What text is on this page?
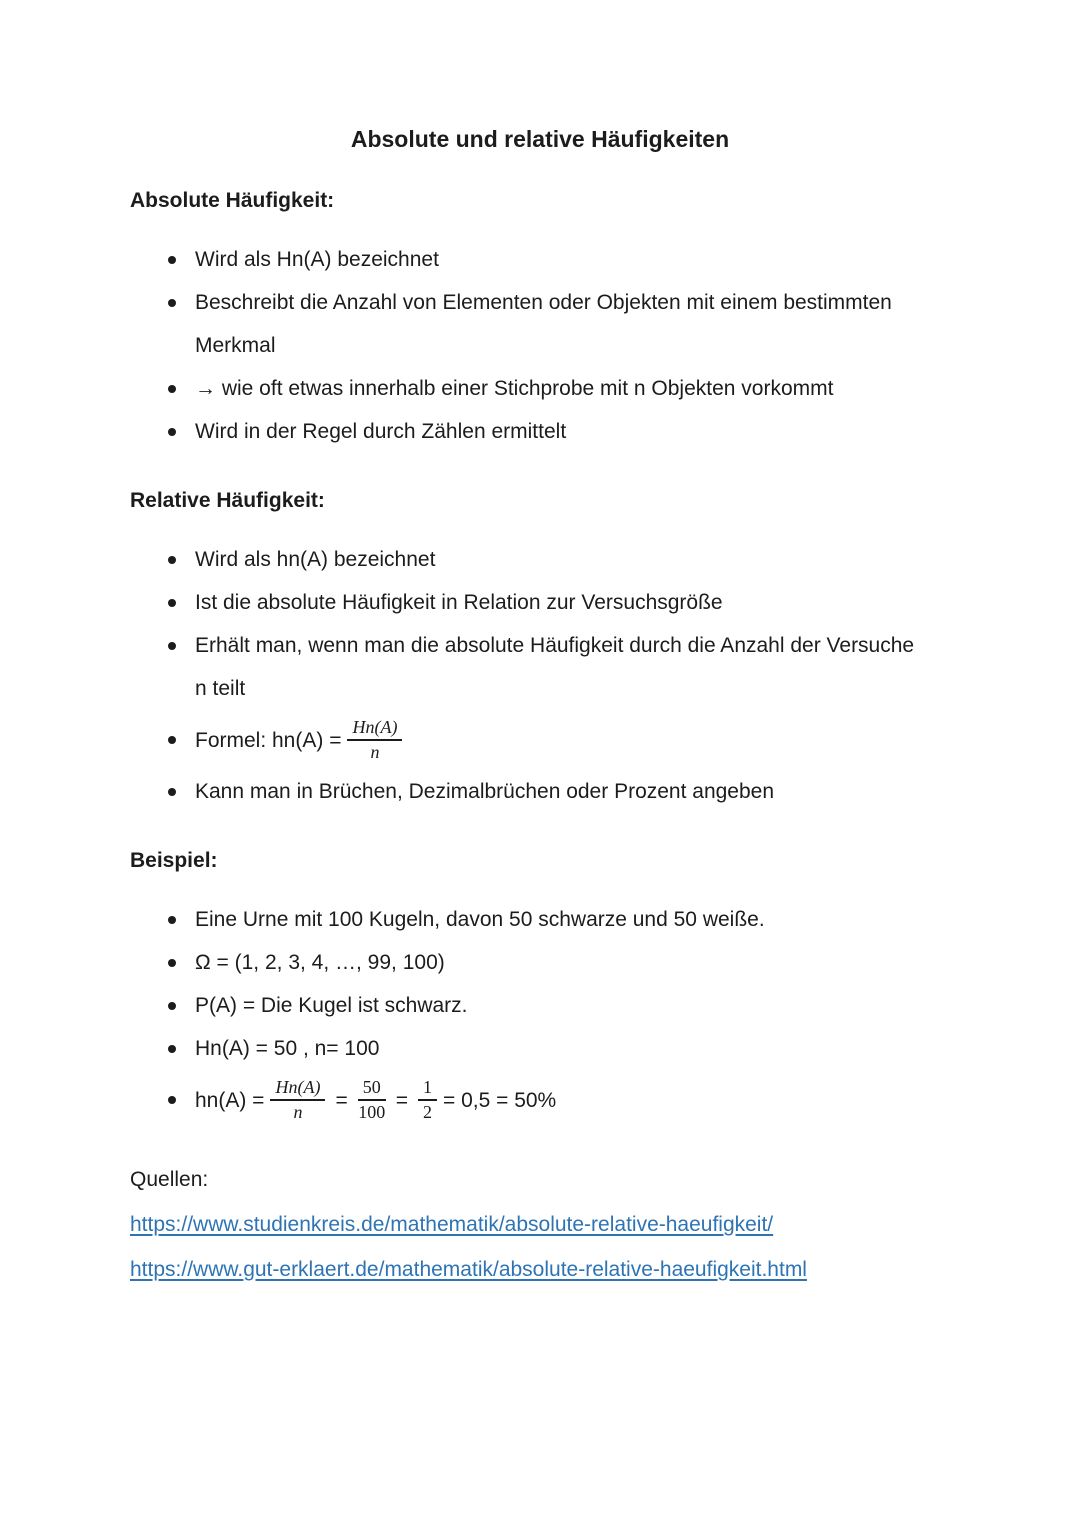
Absolute und relative Häufigkeiten
Absolute Häufigkeit:
Wird als Hn(A) bezeichnet
Beschreibt die Anzahl von Elementen oder Objekten mit einem bestimmten Merkmal
→ wie oft etwas innerhalb einer Stichprobe mit n Objekten vorkommt
Wird in der Regel durch Zählen ermittelt
Relative Häufigkeit:
Wird als hn(A) bezeichnet
Ist die absolute Häufigkeit in Relation zur Versuchsgröße
Erhält man, wenn man die absolute Häufigkeit durch die Anzahl der Versuche n teilt
Formel: $hn(A) = \frac{Hn(A)}{n}$
Kann man in Brüchen, Dezimalbrüchen oder Prozent angeben
Beispiel:
Eine Urne mit 100 Kugeln, davon 50 schwarze und 50 weiße.
Ω = (1, 2, 3, 4, …, 99, 100)
P(A) = Die Kugel ist schwarz.
Hn(A) = 50 , n= 100
$hn(A) = \frac{Hn(A)}{n} = \frac{50}{100} = \frac{1}{2} = 0,5 = 50\%$
Quellen:
https://www.studienkreis.de/mathematik/absolute-relative-haeufigkeit/
https://www.gut-erklaert.de/mathematik/absolute-relative-haeufigkeit.html
